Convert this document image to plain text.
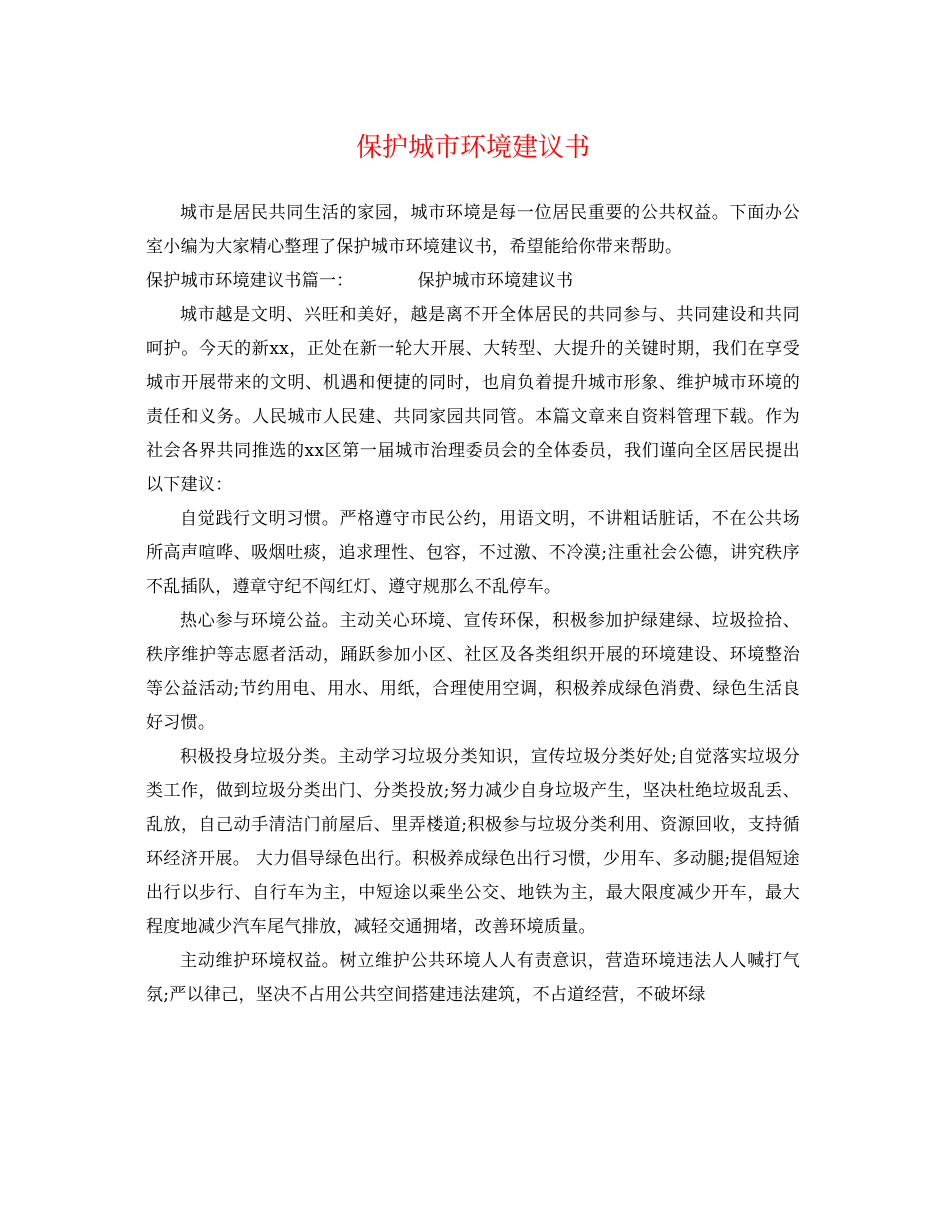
保护城市环境建议书

城市是居民共同生活的家园，城市环境是每一位居民重要的公共权益。下面办公室小编为大家精心整理了保护城市环境建议书，希望能给你带来帮助。

保护城市环境建议书篇一：	保护城市环境建议书

城市越是文明、兴旺和美好，越是离不开全体居民的共同参与、共同建设和共同呵护。今天的新xx，正处在新一轮大开展、大转型、大提升的关键时期，我们在享受城市开展带来的文明、机遇和便捷的同时，也肩负着提升城市形象、维护城市环境的责任和义务。人民城市人民建、共同家园共同管。本篇文章来自资料管理下载。作为社会各界共同推选的xx区第一届城市治理委员会的全体委员，我们谨向全区居民提出以下建议：

自觉践行文明习惯。严格遵守市民公约，用语文明，不讲粗话脏话，不在公共场所高声喧哗、吸烟吐痰，追求理性、包容，不过激、不冷漠;注重社会公德，讲究秩序不乱插队，遵章守纪不闯红灯、遵守规那么不乱停车。

热心参与环境公益。主动关心环境、宣传环保，积极参加护绿建绿、垃圾捡拾、秩序维护等志愿者活动，踊跃参加小区、社区及各类组织开展的环境建设、环境整治等公益活动;节约用电、用水、用纸，合理使用空调，积极养成绿色消费、绿色生活良好习惯。

积极投身垃圾分类。主动学习垃圾分类知识，宣传垃圾分类好处;自觉落实垃圾分类工作，做到垃圾分类出门、分类投放;努力减少自身垃圾产生，坚决杜绝垃圾乱丢、乱放，自己动手清洁门前屋后、里弄楼道;积极参与垃圾分类利用、资源回收，支持循环经济开展。 大力倡导绿色出行。积极养成绿色出行习惯，少用车、多动腿;提倡短途出行以步行、自行车为主，中短途以乘坐公交、地铁为主，最大限度减少开车，最大程度地减少汽车尾气排放，减轻交通拥堵，改善环境质量。

主动维护环境权益。树立维护公共环境人人有责意识，营造环境违法人人喊打气氛;严以律己，坚决不占用公共空间搭建违法建筑，不占道经营，不破坏绿
